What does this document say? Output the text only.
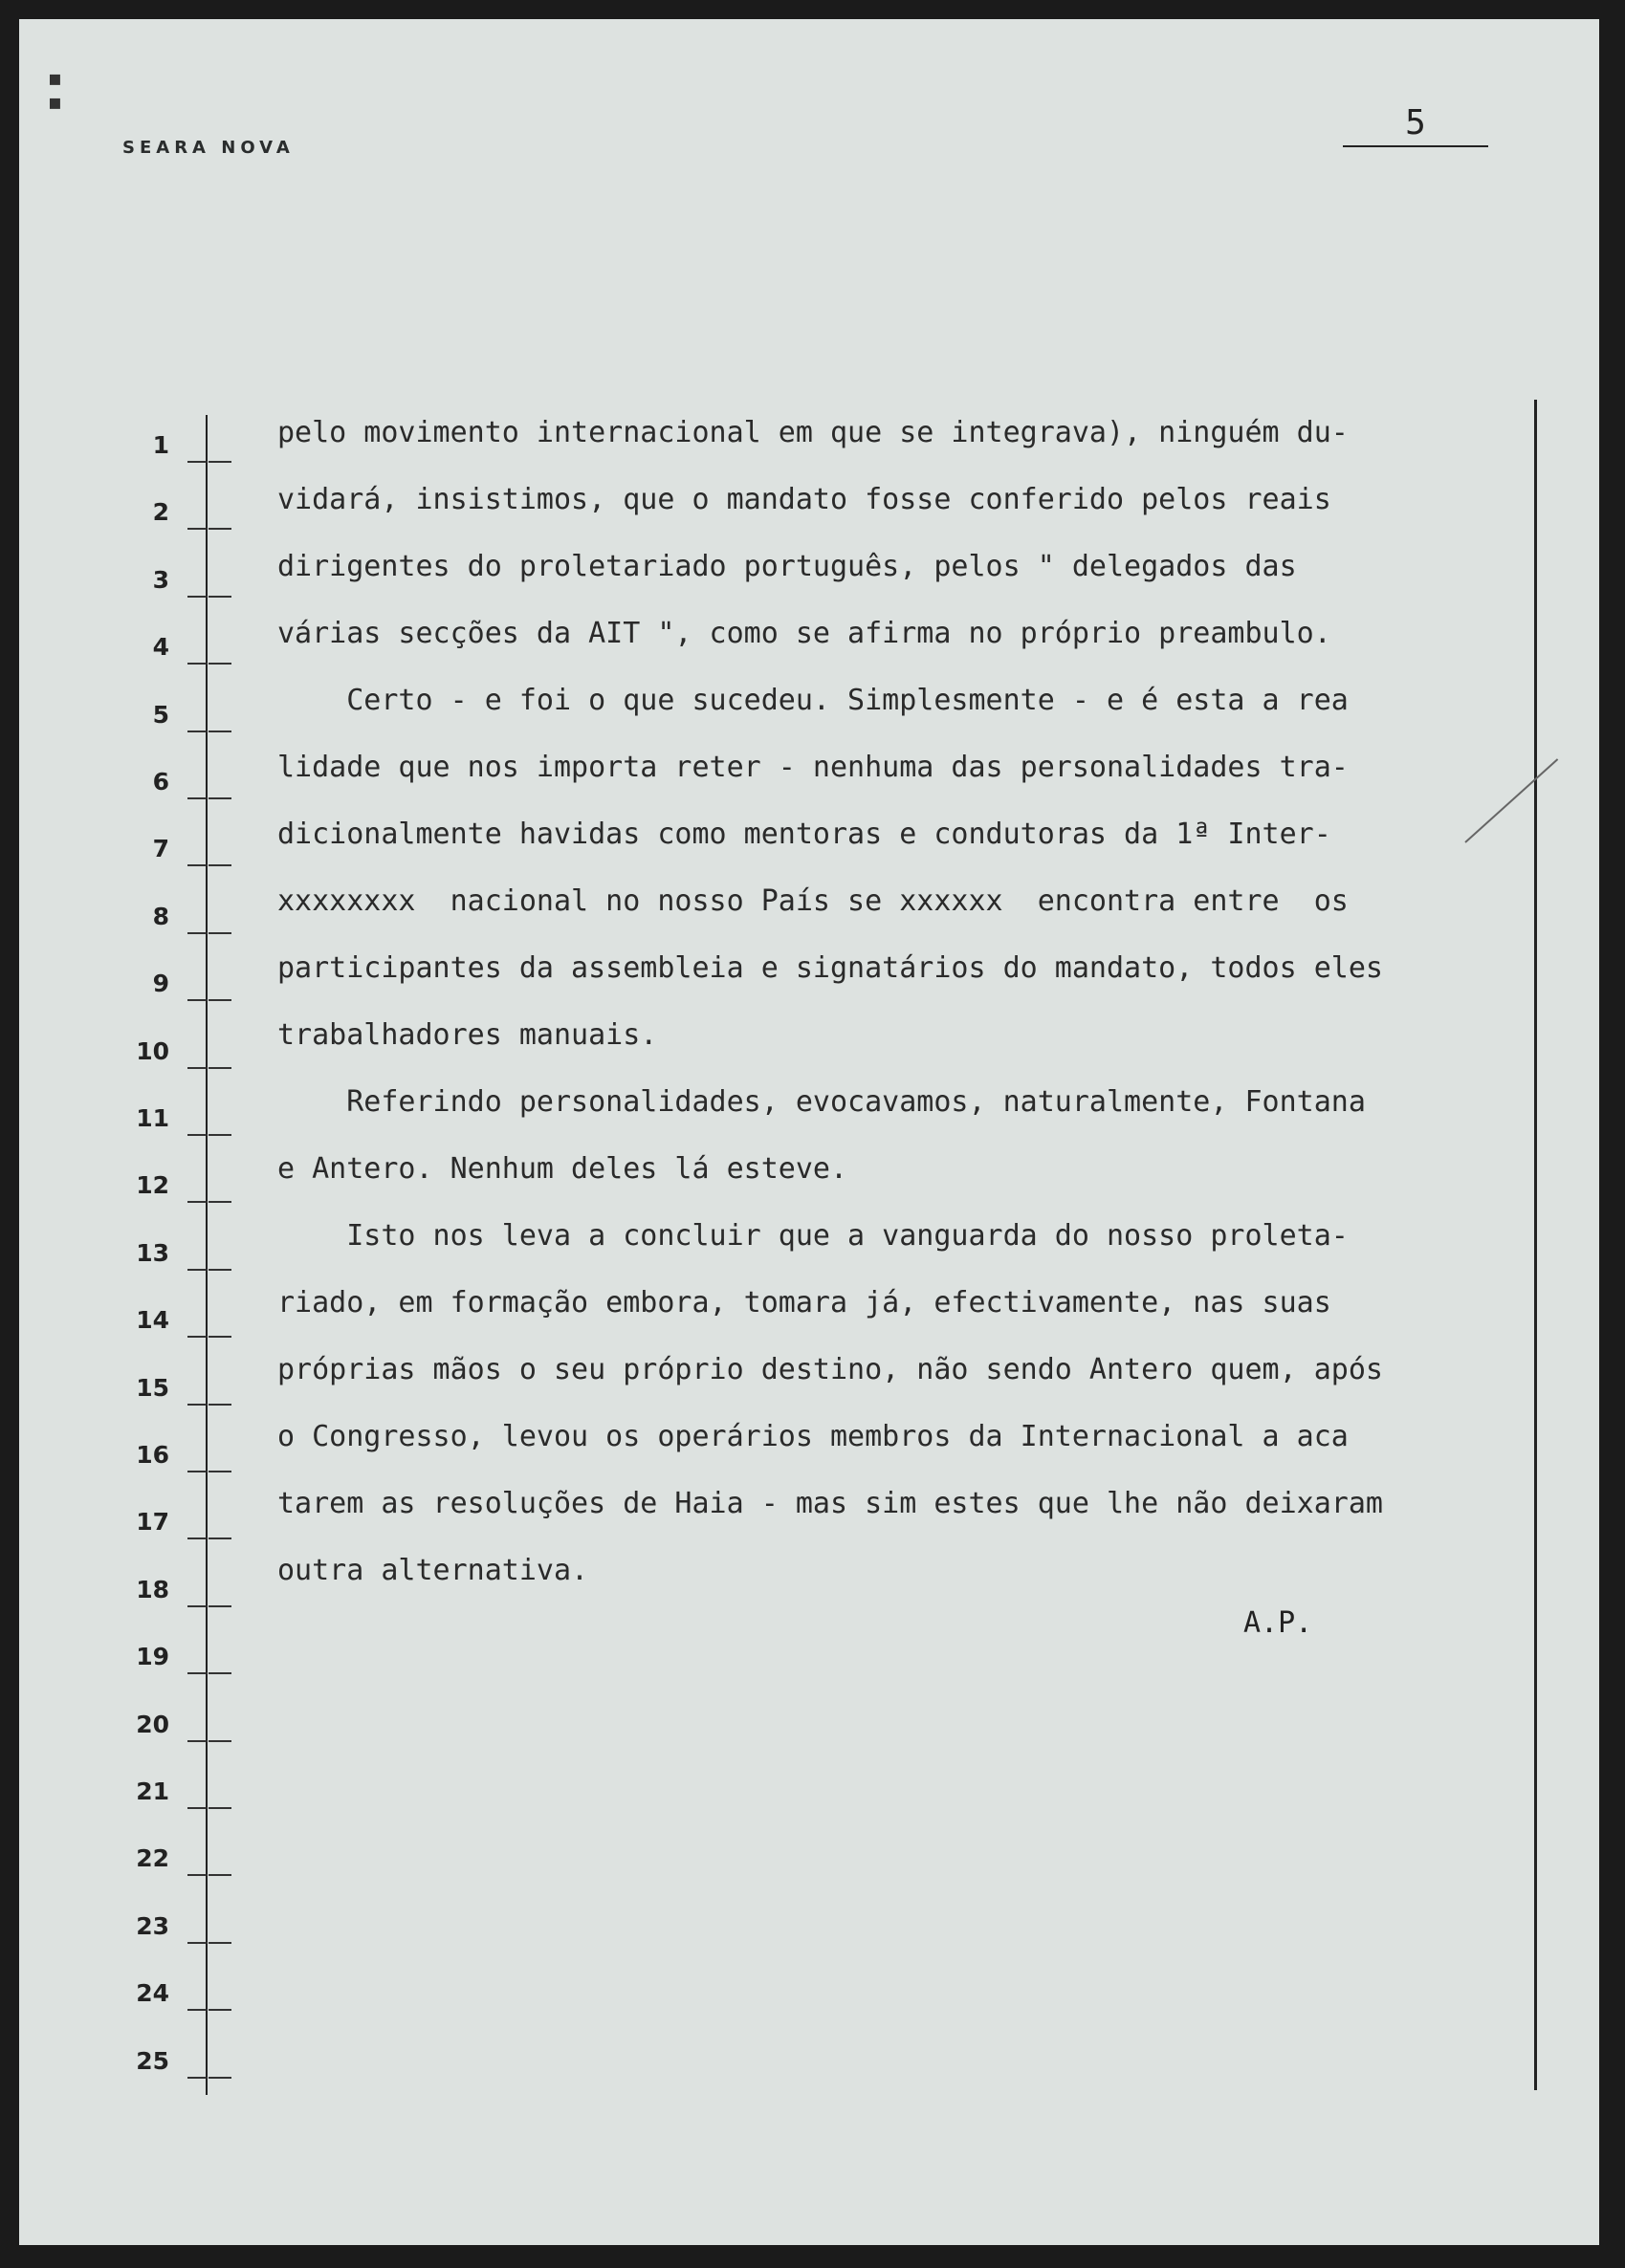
▪
▪
SEARA NOVA
5
1
2
3
4
5
6
7
8
9
10
11
12
13
14
15
16
17
18
19
20
21
22
23
24
25
pelo movimento internacional em que se integrava), ninguém du-
vidará, insistimos, que o mandato fosse conferido pelos reais
dirigentes do proletariado português, pelos " delegados das
várias secções da AIT ", como se afirma no próprio preambulo.
Certo - e foi o que sucedeu. Simplesmente - e é esta a rea
lidade que nos importa reter - nenhuma das personalidades tra-
dicionalmente havidas como mentoras e condutoras da 1ª Inter-
xxxxxxxx  nacional no nosso País se xxxxxx  encontra entre  os
participantes da assembleia e signatários do mandato, todos eles
trabalhadores manuais.
Referindo personalidades, evocavamos, naturalmente, Fontana
e Antero. Nenhum deles lá esteve.
Isto nos leva a concluir que a vanguarda do nosso proleta-
riado, em formação embora, tomara já, efectivamente, nas suas
próprias mãos o seu próprio destino, não sendo Antero quem, após
o Congresso, levou os operários membros da Internacional a aca
tarem as resoluções de Haia - mas sim estes que lhe não deixaram
outra alternativa.
A.P.
